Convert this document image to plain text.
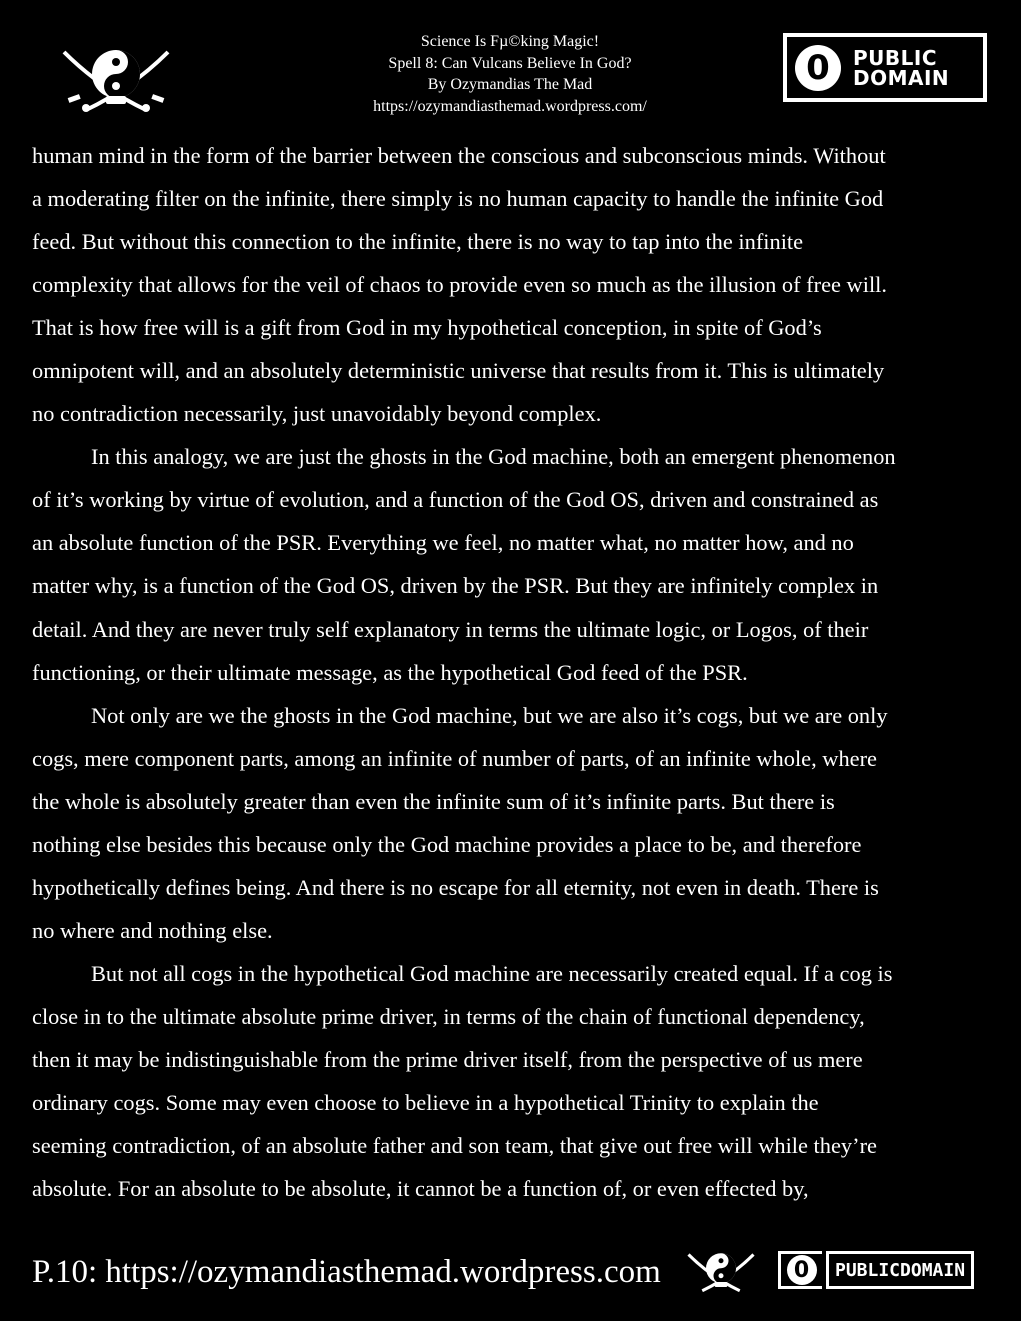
Science Is Fµ©king Magic!
Spell 8: Can Vulcans Believe In God?
By Ozymandias The Mad
https://ozymandiasthemad.wordpress.com/
0 PUBLIC
DOMAIN

human mind in the form of the barrier between the conscious and subconscious minds. Without

a moderating filter on the infinite, there simply is no human capacity to handle the infinite God

feed. But without this connection to the infinite, there is no way to tap into the infinite

complexity that allows for the veil of chaos to provide even so much as the illusion of free will.

That is how free will is a gift from God in my hypothetical conception, in spite of God’s

omnipotent will, and an absolutely deterministic universe that results from it. This is ultimately

no contradiction necessarily, just unavoidably beyond complex.

In this analogy, we are just the ghosts in the God machine, both an emergent phenomenon

of it’s working by virtue of evolution, and a function of the God OS, driven and constrained as

an absolute function of the PSR. Everything we feel, no matter what, no matter how, and no

matter why, is a function of the God OS, driven by the PSR. But they are infinitely complex in

detail. And they are never truly self explanatory in terms the ultimate logic, or Logos, of their

functioning, or their ultimate message, as the hypothetical God feed of the PSR.

Not only are we the ghosts in the God machine, but we are also it’s cogs, but we are only

cogs, mere component parts, among an infinite of number of parts, of an infinite whole, where

the whole is absolutely greater than even the infinite sum of it’s infinite parts. But there is

nothing else besides this because only the God machine provides a place to be, and therefore

hypothetically defines being. And there is no escape for all eternity, not even in death. There is

no where and nothing else.

But not all cogs in the hypothetical God machine are necessarily created equal. If a cog is

close in to the ultimate absolute prime driver, in terms of the chain of functional dependency,

then it may be indistinguishable from the prime driver itself, from the perspective of us mere

ordinary cogs. Some may even choose to believe in a hypothetical Trinity to explain the

seeming contradiction, of an absolute father and son team, that give out free will while they’re

absolute. For an absolute to be absolute, it cannot be a function of, or even effected by,

P.10: https://ozymandiasthemad.wordpress.com	0	PUBLICDOMAIN
